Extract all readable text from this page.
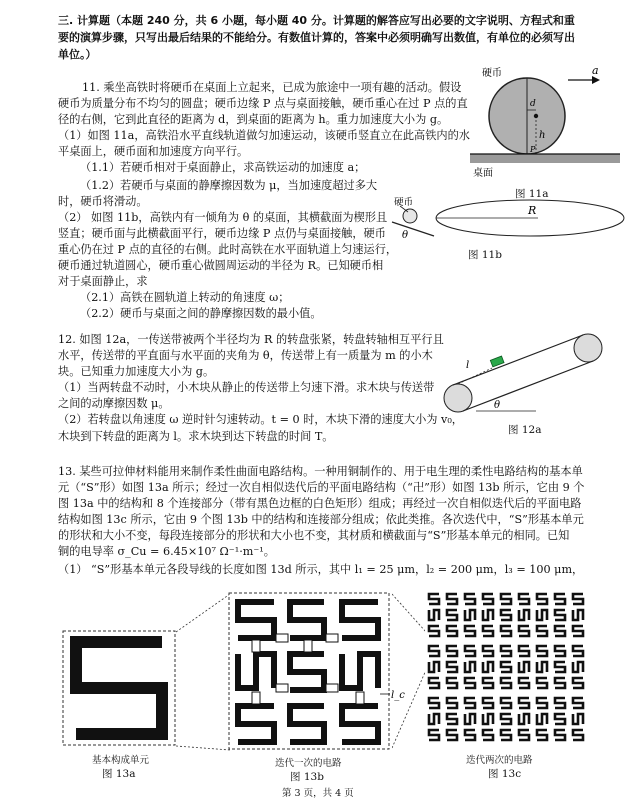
三. 计算题（本题 240 分，共 6 小题，每小题 40 分。计算题的解答应写出必要的文字说明、方程式和重
要的演算步骤，只写出最后结果的不能给分。有数值计算的，答案中必须明确写出数值，有单位的必须写出
单位。）
11. 乘坐高铁时将硬币在桌面上立起来，已成为旅途中一项有趣的活动。假设
硬币为质量分布不均匀的圆盘；硬币边缘 P 点与桌面接触，硬币重心在过 P 点的直
径的右侧，它到此直径的距离为 d，到桌面的距离为 h。重力加速度大小为 g。
（1）如图 11a，高铁沿水平直线轨道做匀加速运动，该硬币竖直立在此高铁内的水
平桌面上，硬币面和加速度方向平行。
（1.1）若硬币相对于桌面静止，求高铁运动的加速度 a；
（1.2）若硬币与桌面的静摩擦因数为 μ，当加速度超过多大
时，硬币将滑动。
（2） 如图 11b，高铁内有一倾角为 θ 的桌面，其横截面为楔形且
竖直；硬币面与此横截面平行，硬币边缘 P 点仍与桌面接触，硬币
重心仍在过 P 点的直径的右侧。此时高铁在水平面轨道上匀速运行，
硬币通过轨道圆心，硬币重心做圆周运动的半径为 R。已知硬币相
对于桌面静止，求
（2.1）高铁在圆轨道上转动的角速度 ω；
（2.2）硬币与桌面之间的静摩擦因数的最小值。
硬币	a
d
h
P
桌面
图 11a
硬币
R
θ
图 11b
12. 如图 12a，一传送带被两个半径均为 R 的转盘张紧，转盘转轴相互平行且
水平，传送带的平直面与水平面的夹角为 θ，传送带上有一质量为 m 的小木
块。已知重力加速度大小为 g。
（1）当两转盘不动时，小木块从静止的传送带上匀速下滑。求木块与传送带
之间的动摩擦因数 μ。
（2）若转盘以角速度 ω 逆时针匀速转动。t = 0 时，木块下滑的速度大小为 v₀，
木块到下转盘的距离为 l。求木块到达下转盘的时间 T。
l
θ
图 12a
13. 某些可拉伸材料能用来制作柔性曲面电路结构。一种用铜制作的、用于电生理的柔性电路结构的基本单
元（“S”形）如图 13a 所示；经过一次自相似迭代后的平面电路结构（“卍”形）如图 13b 所示，它由 9 个
图 13a 中的结构和 8 个连接部分（带有黑色边框的白色矩形）组成；再经过一次自相似迭代后的平面电路
结构如图 13c 所示，它由 9 个图 13b 中的结构和连接部分组成；依此类推。各次迭代中，“S”形基本单元
的形状和大小不变，每段连接部分的形状和大小也不变，其材质和横截面与“S”形基本单元的相同。已知
铜的电导率 σ_Cu = 6.45×10⁷ Ω⁻¹·m⁻¹。
（1） “S”形基本单元各段导线的长度如图 13d 所示，其中 l₁ = 25 μm，l₂ = 200 μm，l₃ = 100 μm，
基本构成单元
图 13a
l_c
迭代一次的电路
图 13b
迭代两次的电路
图 13c
第 3 页，共 4 页
